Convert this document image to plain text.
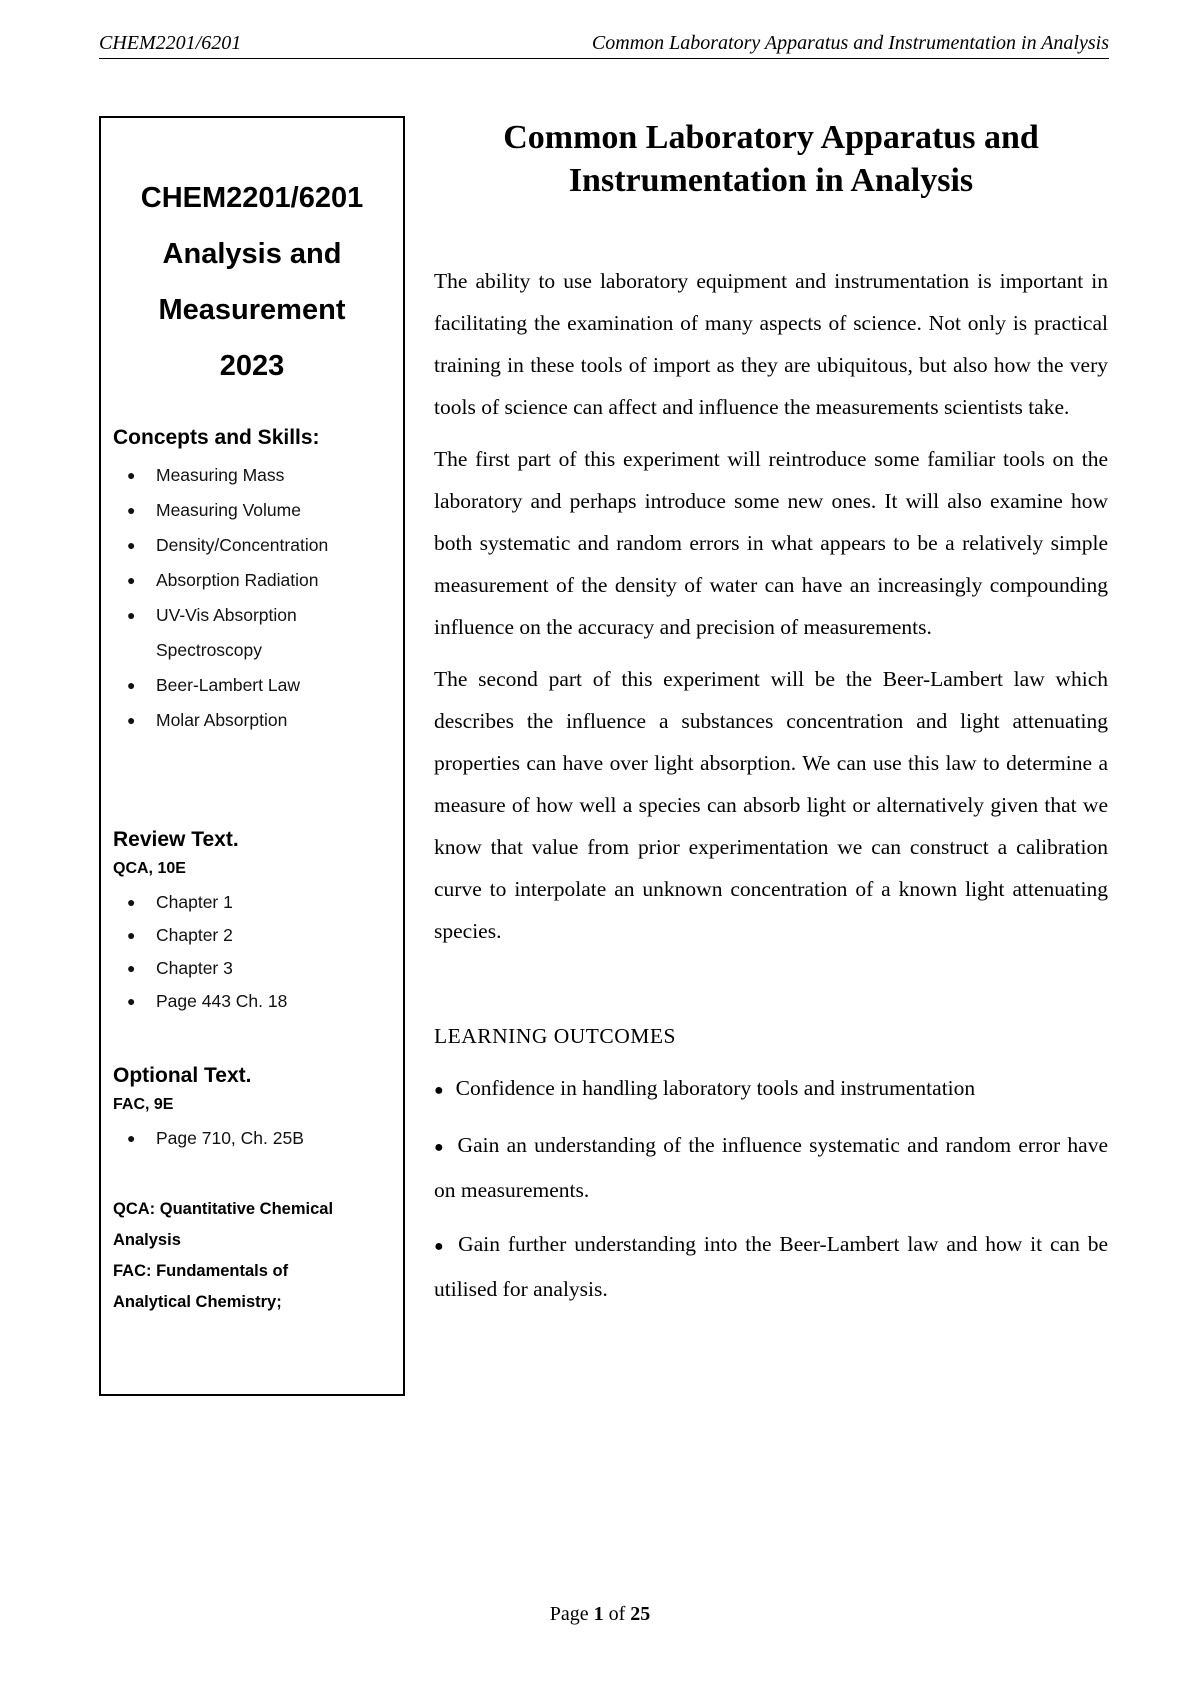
CHEM2201/6201	Common Laboratory Apparatus and Instrumentation in Analysis
CHEM2201/6201
Analysis and
Measurement
2023

Concepts and Skills:

● Measuring Mass
● Measuring Volume
● Density/Concentration
● Absorption Radiation
● UV-Vis Absorption
Spectroscopy
● Beer-Lambert Law
● Molar Absorption

Review Text.

QCA, 10E

● Chapter 1
● Chapter 2
● Chapter 3
● Page 443 Ch. 18

Optional Text.

FAC, 9E

● Page 710, Ch. 25B
QCA: Quantitative Chemical
Analysis
FAC: Fundamentals of
Analytical Chemistry;
Common Laboratory Apparatus and
Instrumentation in Analysis

The ability to use laboratory equipment and instrumentation is important in facilitating the examination of many aspects of science. Not only is practical training in these tools of import as they are ubiquitous, but also how the very tools of science can affect and influence the measurements scientists take.

The first part of this experiment will reintroduce some familiar tools on the laboratory and perhaps introduce some new ones. It will also examine how both systematic and random errors in what appears to be a relatively simple measurement of the density of water can have an increasingly compounding influence on the accuracy and precision of measurements.

The second part of this experiment will be the Beer-Lambert law which describes the influence a substances concentration and light attenuating properties can have over light absorption. We can use this law to determine a measure of how well a species can absorb light or alternatively given that we know that value from prior experimentation we can construct a calibration curve to interpolate an unknown concentration of a known light attenuating species.

LEARNING OUTCOMES

● Confidence in handling laboratory tools and instrumentation
● Gain an understanding of the influence systematic and random error have on measurements.
● Gain further understanding into the Beer-Lambert law and how it can be utilised for analysis.
Page 1 of 25
